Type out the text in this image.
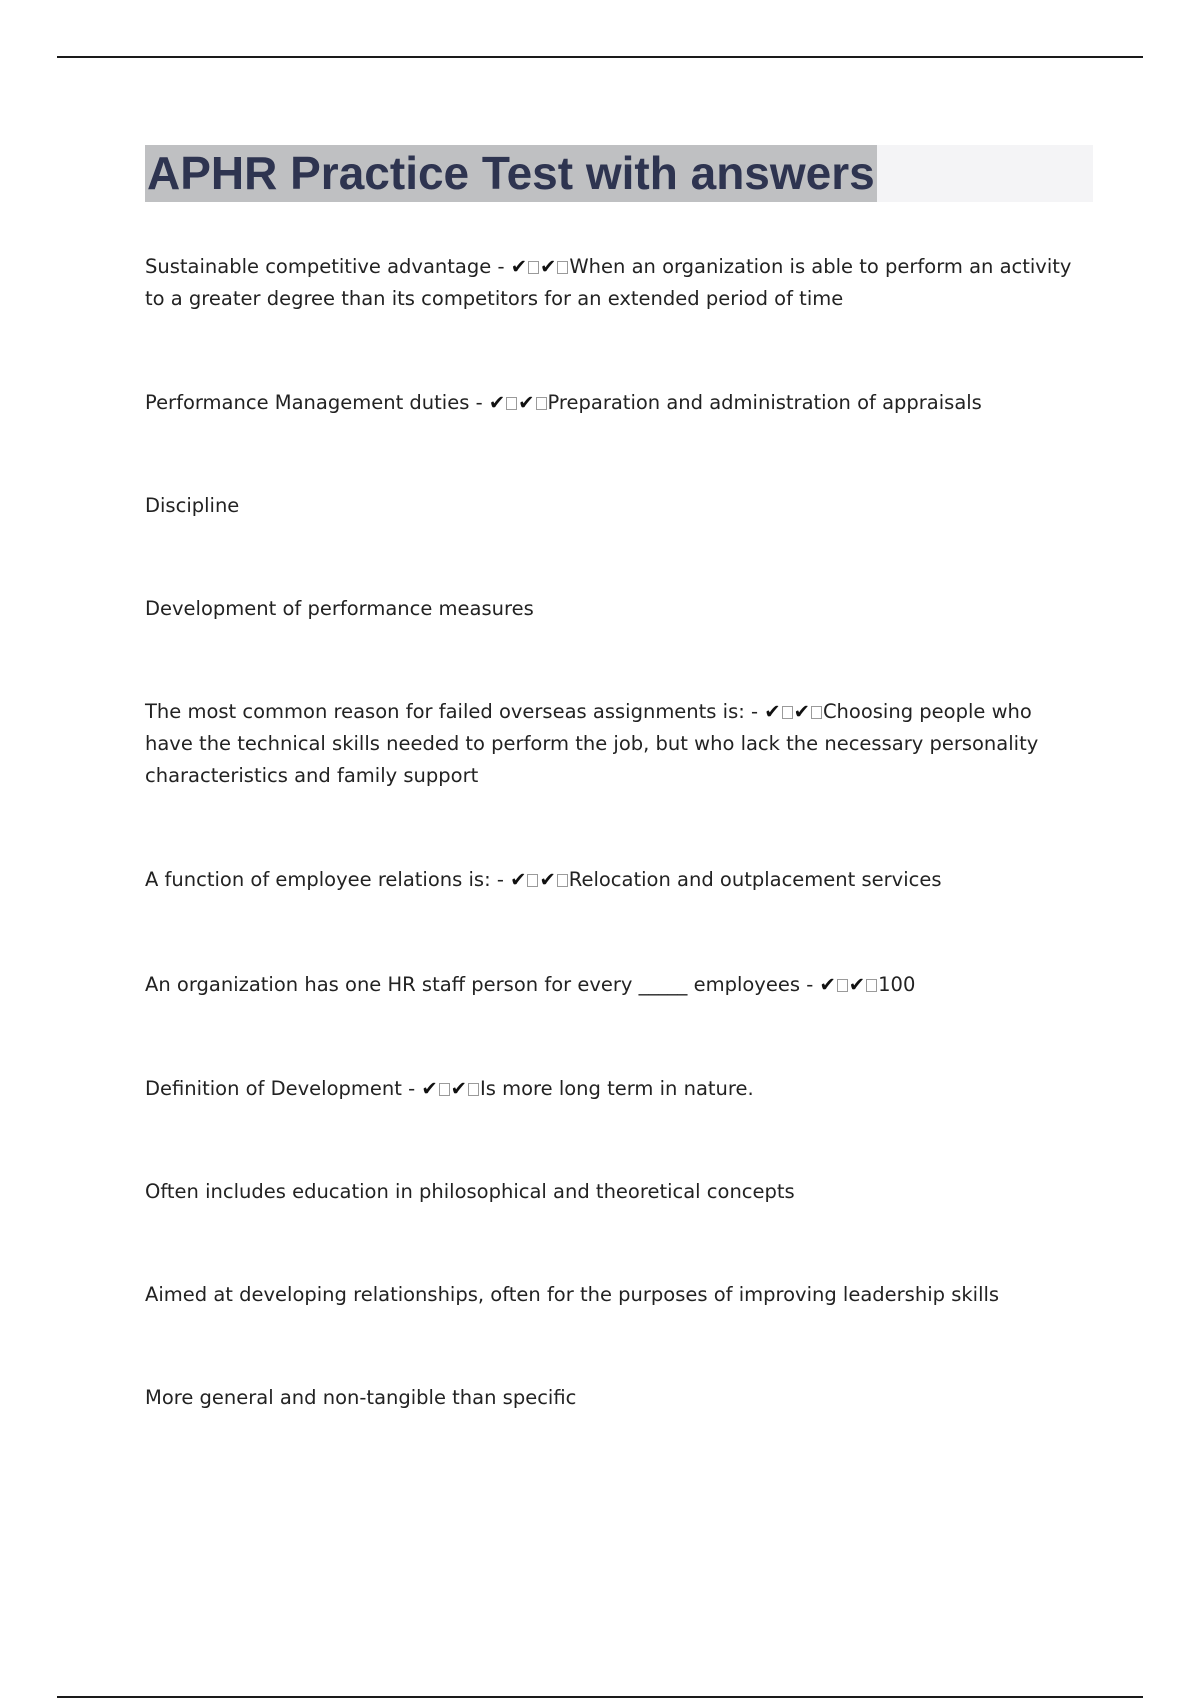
APHR Practice Test with answers

Sustainable competitive advantage - ✔ ✔ When an organization is able to perform an activity to a greater degree than its competitors for an extended period of time

Performance Management duties - ✔ ✔ Preparation and administration of appraisals

Discipline

Development of performance measures

The most common reason for failed overseas assignments is: - ✔ ✔ Choosing people who have the technical skills needed to perform the job, but who lack the necessary personality characteristics and family support

A function of employee relations is: - ✔ ✔ Relocation and outplacement services

An organization has one HR staff person for every _____ employees - ✔ ✔ 100

Definition of Development - ✔ ✔ Is more long term in nature.

Often includes education in philosophical and theoretical concepts

Aimed at developing relationships, often for the purposes of improving leadership skills

More general and non-tangible than specific
